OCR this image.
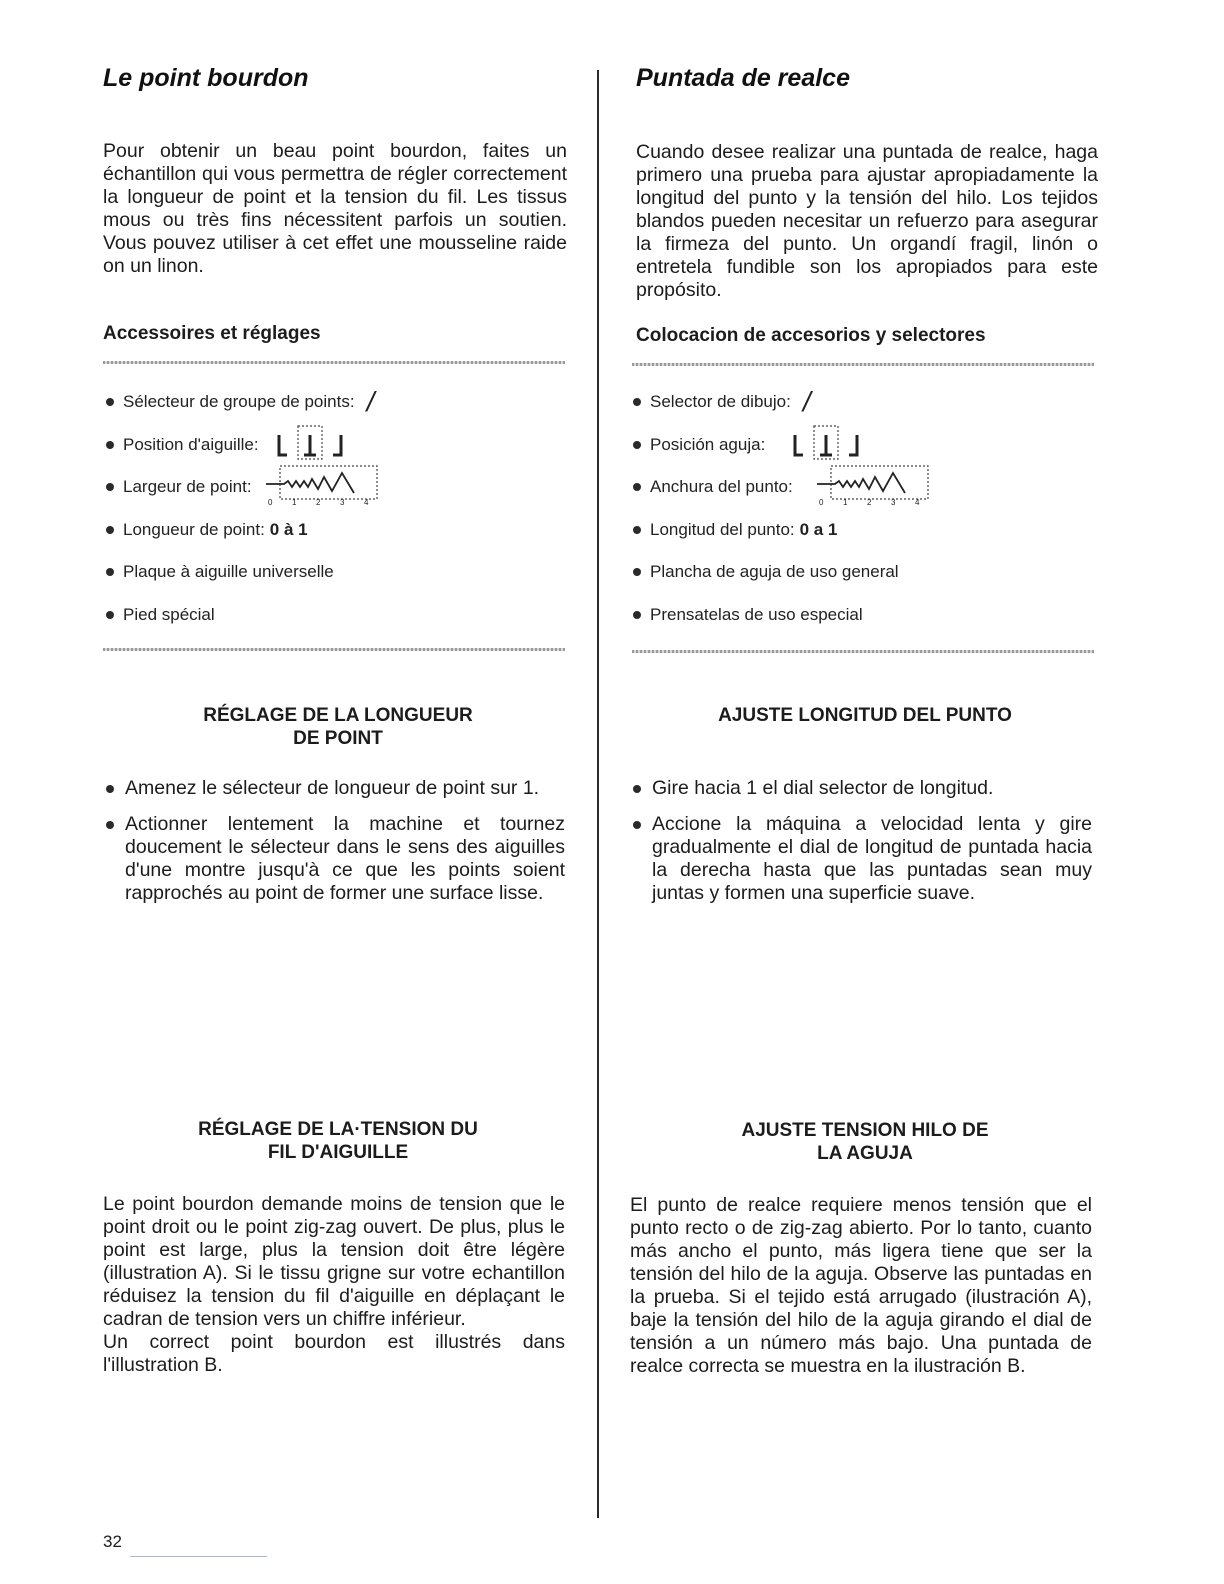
Le point bourdon

Pour obtenir un beau point bourdon, faites un échantillon qui vous permettra de régler correctement la longueur de point et la tension du fil. Les tissus mous ou très fins nécessitent parfois un soutien. Vous pouvez utiliser à cet effet une mousseline raide on un linon.

Accessoires et réglages
Sélecteur de groupe de points: /
Position d'aiguille:
Largeur de point:
0 1 2 3 4
Longueur de point: 0 à 1
Plaque à aiguille universelle
Pied spécial
RÉGLAGE DE LA LONGUEUR
DE POINT
Amenez le sélecteur de longueur de point sur 1.
Actionner lentement la machine et tournez doucement le sélecteur dans le sens des aiguilles d'une montre jusqu'à ce que les points soient rapprochés au point de former une surface lisse.
RÉGLAGE DE LA·TENSION DU
FIL D'AIGUILLE

Le point bourdon demande moins de tension que le point droit ou le point zig-zag ouvert. De plus, plus le point est large, plus la tension doit être légère (illustration A). Si le tissu grigne sur votre echantillon réduisez la tension du fil d'aiguille en déplaçant le cadran de tension vers un chiffre inférieur.
Un correct point bourdon est illustrés dans l'illustration B.

Puntada de realce

Cuando desee realizar una puntada de realce, haga primero una prueba para ajustar apropiadamente la longitud del punto y la tensión del hilo. Los tejidos blandos pueden necesitar un refuerzo para asegurar la firmeza del punto. Un organdí fragil, linón o entretela fundible son los apropiados para este propósito.

Colocacion de accesorios y selectores
Selector de dibujo: /
Posición aguja:
Anchura del punto:
0 1 2 3 4
Longitud del punto: 0 a 1
Plancha de aguja de uso general
Prensatelas de uso especial
AJUSTE LONGITUD DEL PUNTO
Gire hacia 1 el dial selector de longitud.
Accione la máquina a velocidad lenta y gire gradualmente el dial de longitud de puntada hacia la derecha hasta que las puntadas sean muy juntas y formen una superficie suave.
AJUSTE TENSION HILO DE
LA AGUJA

El punto de realce requiere menos tensión que el punto recto o de zig-zag abierto. Por lo tanto, cuanto más ancho el punto, más ligera tiene que ser la tensión del hilo de la aguja. Observe las puntadas en la prueba. Si el tejido está arrugado (ilustración A), baje la tensión del hilo de la aguja girando el dial de tensión a un número más bajo. Una puntada de realce correcta se muestra en la ilustración B.

32
